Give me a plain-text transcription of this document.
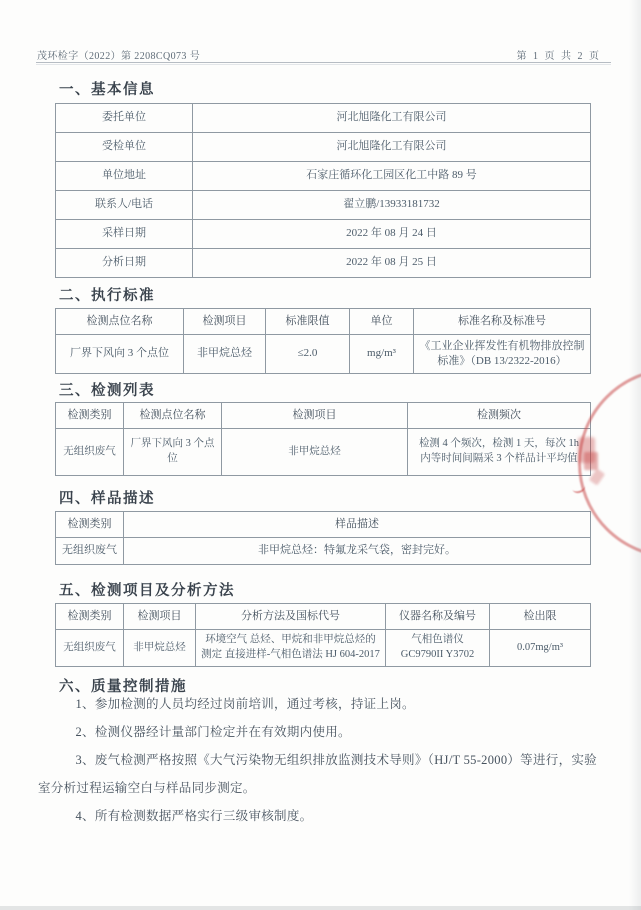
茂环检字（2022）第 2208CQ073 号	第 1 页 共 2 页
一、基本信息
委托单位	河北旭隆化工有限公司
受检单位	河北旭隆化工有限公司
单位地址	石家庄循环化工园区化工中路 89 号
联系人/电话	翟立鹏/13933181732
采样日期	2022 年 08 月 24 日
分析日期	2022 年 08 月 25 日
二、执行标准
检测点位名称	检测项目	标准限值	单位	标准名称及标准号
厂界下风向 3 个点位	非甲烷总烃	≤2.0	mg/m³	《工业企业挥发性有机物排放控制标准》（DB 13/2322-2016）
三、检测列表
检测类别	检测点位名称	检测项目	检测频次
无组织废气	厂界下风向 3 个点位	非甲烷总烃	检测 4 个频次，检测 1 天，每次 1h 内等时间间隔采 3 个样品计平均值
四、样品描述
检测类别	样品描述
无组织废气	非甲烷总烃：特氟龙采气袋，密封完好。
五、检测项目及分析方法
检测类别	检测项目	分析方法及国标代号	仪器名称及编号	检出限
无组织废气	非甲烷总烃	环境空气 总烃、甲烷和非甲烷总烃的测定 直接进样-气相色谱法 HJ 604-2017	气相色谱仪 GC9790II Y3702	0.07mg/m³
六、质量控制措施

1、参加检测的人员均经过岗前培训，通过考核，持证上岗。

2、检测仪器经计量部门检定并在有效期内使用。

3、废气检测严格按照《大气污染物无组织排放监测技术导则》（HJ/T 55-2000）等进行，实验室分析过程运输空白与样品同步测定。

4、所有检测数据严格实行三级审核制度。
